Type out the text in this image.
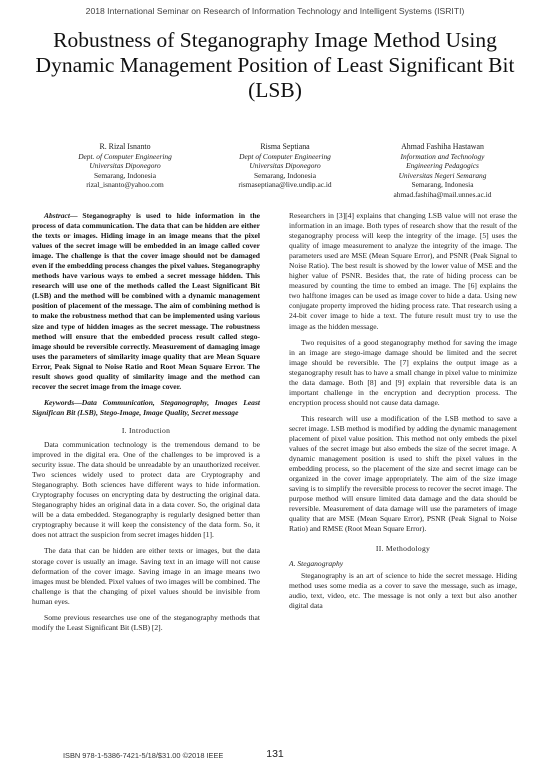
2018 International Seminar on Research of Information Technology and Intelligent Systems (ISRITI)
Robustness of Steganography Image Method Using Dynamic Management Position of Least Significant Bit (LSB)
R. Rizal Isnanto
Dept. of Computer Engineering
Universitas Diponegoro
Semarang, Indonesia
rizal_isnanto@yahoo.com
Risma Septiana
Dept of Computer Engineering
Universitas Diponegoro
Semarang, Indonesia
rismaseptiana@live.undip.ac.id
Ahmad Fashiha Hastawan
Information and Technology
Engineering Pedagogics
Universitas Negeri Semarang
Semarang, Indonesia
ahmad.fashiha@mail.unnes.ac.id

Abstract— Steganography is used to hide information in the process of data communication. The data that can be hidden are either the texts or images. Hiding image in an image means that the pixel values of the secret image will be embedded in an image called cover image. The challenge is that the cover image should not be damaged even if the embedding process changes the pixel values. Steganography methods have various ways to embed a secret message hidden. This research will use one of the methods called the Least Significant Bit (LSB) and the method will be combined with a dynamic management position of placement of the message. The aim of combining method is to make the robustness method that can be implemented using various size and type of hidden images as the secret message. The robustness method will ensure that the embedded process result called stego-image should be reversible correctly. Measurement of damaging image uses the parameters of similarity image quality that are Mean Square Error, Peak Signal to Noise Ratio and Root Mean Square Error. The result shows good quality of similarity image and the method can recover the secret image from the image cover.

Keywords—Data Communication, Steganography, Images Least Significan Bit (LSB), Stego-Image, Image Quality, Secret message

I. Introduction

Data communication technology is the tremendous demand to be improved in the digital era. One of the challenges to be improved is a security issue. The data should be unreadable by an unauthorized receiver. Two sciences widely used to protect data are Cryptography and Steganography. Both sciences have different ways to hide information. Cryptography focuses on encrypting data by destructing the original data. Steganography hides an original data in a data cover. So, the original data will be a data embedded. Steganography is regularly designed better than cryptography because it will keep the consistency of the data form. So, it does not attract the suspicion from secret images hidden [1].

The data that can be hidden are either texts or images, but the data storage cover is usually an image. Saving text in an image will not cause deformation of the cover image. Saving image in an image means two images must be blended. Pixel values of two images will be combined. The challenge is that the changing of pixel values should be invisible from human eyes.

Some previous researches use one of the steganography methods that modify the Least Significant Bit (LSB) [2].

Researchers in [3][4] explains that changing LSB value will not erase the information in an image. Both types of research show that the result of the steganography process will keep the integrity of the image. [5] uses the quality of image measurement to analyze the integrity of the image. The parameters used are MSE (Mean Square Error), and PSNR (Peak Signal to Noise Ratio). The best result is showed by the lower value of MSE and the higher value of PSNR. Besides that, the rate of hiding process can be measured by counting the time to embed an image. The [6] explains the two halftone images can be used as image cover to hide a data. Using new conjugate property improved the hiding process rate. That research using a 24-bit cover image to hide a text. The future result must try to use the image as the hidden message.

Two requisites of a good steganography method for saving the image in an image are stego-image damage should be limited and the secret image should be reversible. The [7] explains the output image as a steganography result has to have a small change in pixel value to minimize the data damage. Both [8] and [9] explain that reversible data is an important challenge in the encryption and decryption process. The encryption process should not cause data damage.

This research will use a modification of the LSB method to save a secret image. LSB method is modified by adding the dynamic management placement of pixel value position. This method not only embeds the pixel values of the secret image but also embeds the size of the secret image. A dynamic management position is used to shift the pixel values in the embedding process, so the placement of the size and secret image can be organized in the cover image appropriately. The aim of the size image saving is to simplify the reversible process to recover the secret image. The purpose method will ensure limited data damage and the data should be reversible. Measurement of data damage will use the parameters of image quality that are MSE (Mean Square Error), PSNR (Peak Signal to Noise Ratio) and RMSE (Root Mean Square Error).

II. Methodology

A. Steganography

Steganography is an art of science to hide the secret message. Hiding method uses some media as a cover to save the message, such as image, audio, text, video, etc. The message is not only a text but also another digital data

ISBN 978-1-5386-7421-5/18/$31.00 ©2018 IEEE	131
